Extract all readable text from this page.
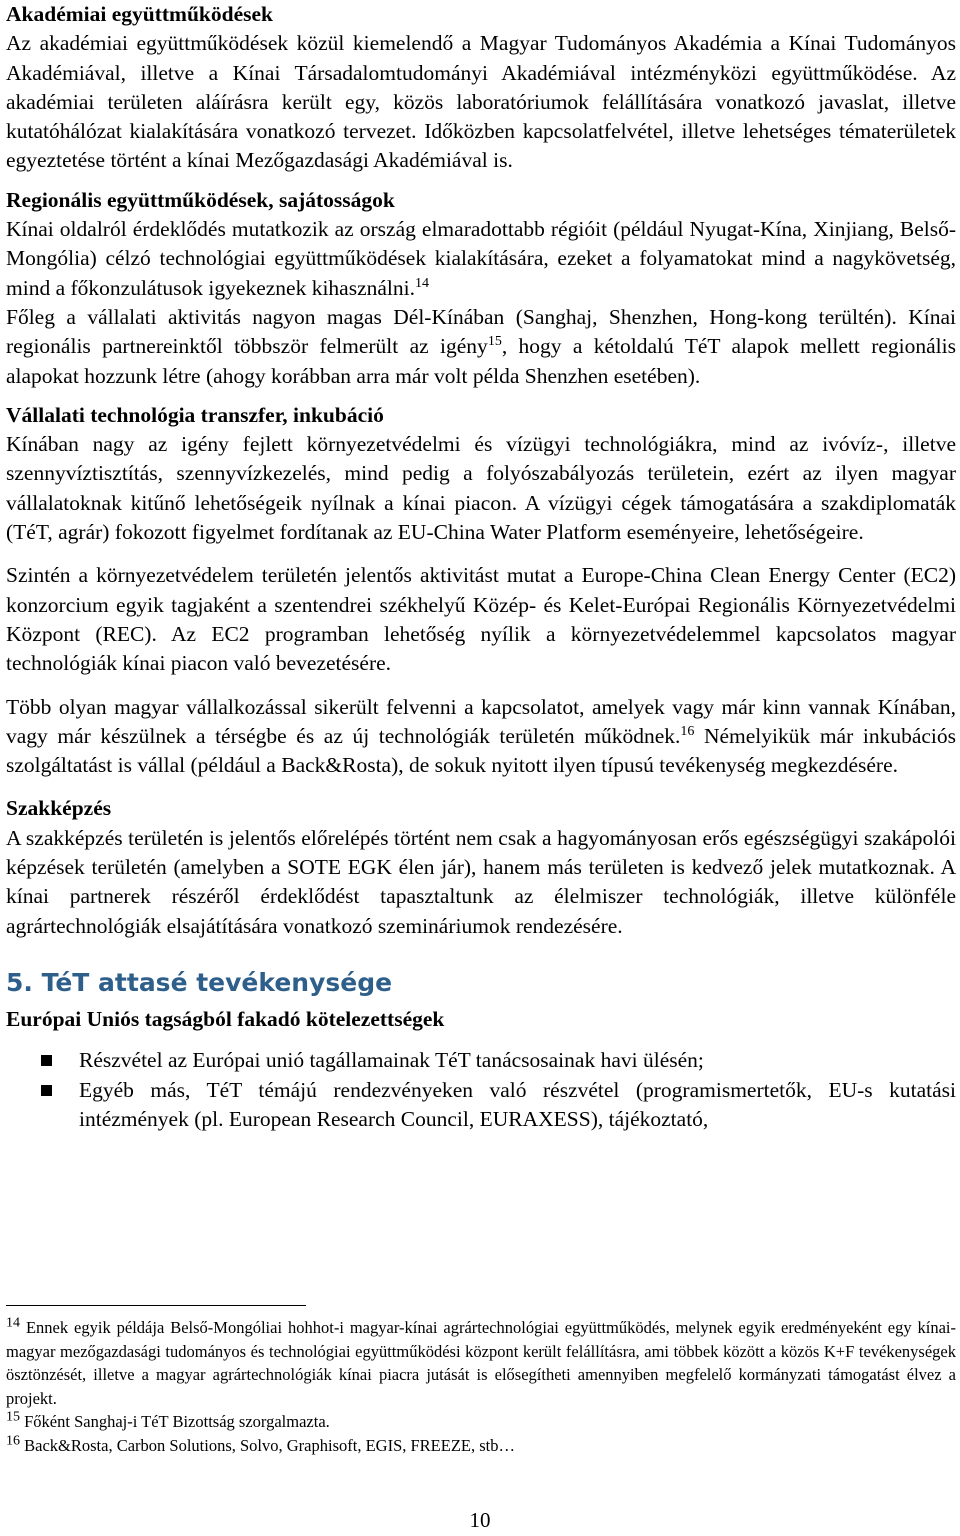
Akadémiai együttműködések

Az akadémiai együttműködések közül kiemelendő a Magyar Tudományos Akadémia a Kínai Tudományos Akadémiával, illetve a Kínai Társadalomtudományi Akadémiával intézményközi együttműködése. Az akadémiai területen aláírásra került egy, közös laboratóriumok felállítására vonatkozó javaslat, illetve kutatóhálózat kialakítására vonatkozó tervezet. Időközben kapcsolatfelvétel, illetve lehetséges tématerületek egyeztetése történt a kínai Mezőgazdasági Akadémiával is.

Regionális együttműködések, sajátosságok

Kínai oldalról érdeklődés mutatkozik az ország elmaradottabb régióit (például Nyugat-Kína, Xinjiang, Belső-Mongólia) célzó technológiai együttműködések kialakítására, ezeket a folyamatokat mind a nagykövetség, mind a főkonzulátusok igyekeznek kihasználni.$^{14}$

Főleg a vállalati aktivitás nagyon magas Dél-Kínában (Sanghaj, Shenzhen, Hong-kong terültén). Kínai regionális partnereinktől többször felmerült az igény$^{15}$, hogy a kétoldalú TéT alapok mellett regionális alapokat hozzunk létre (ahogy korábban arra már volt példa Shenzhen esetében).

Vállalati technológia transzfer, inkubáció

Kínában nagy az igény fejlett környezetvédelmi és vízügyi technológiákra, mind az ivóvíz-, illetve szennyvíztisztítás, szennyvízkezelés, mind pedig a folyószabályozás területein, ezért az ilyen magyar vállalatoknak kitűnő lehetőségeik nyílnak a kínai piacon. A vízügyi cégek támogatására a szakdiplomaták (TéT, agrár) fokozott figyelmet fordítanak az EU-China Water Platform eseményeire, lehetőségeire.

Szintén a környezetvédelem területén jelentős aktivitást mutat a Europe-China Clean Energy Center (EC2) konzorcium egyik tagjaként a szentendrei székhelyű Közép- és Kelet-Európai Regionális Környezetvédelmi Központ (REC). Az EC2 programban lehetőség nyílik a környezetvédelemmel kapcsolatos magyar technológiák kínai piacon való bevezetésére.

Több olyan magyar vállalkozással sikerült felvenni a kapcsolatot, amelyek vagy már kinn vannak Kínában, vagy már készülnek a térségbe és az új technológiák területén működnek.$^{16}$ Némelyikük már inkubációs szolgáltatást is vállal (például a Back&Rosta), de sokuk nyitott ilyen típusú tevékenység megkezdésére.

Szakképzés

A szakképzés területén is jelentős előrelépés történt nem csak a hagyományosan erős egészségügyi szakápolói képzések területén (amelyben a SOTE EGK élen jár), hanem más területen is kedvező jelek mutatkoznak. A kínai partnerek részéről érdeklődést tapasztaltunk az élelmiszer technológiák, illetve különféle agrártechnológiák elsajátítására vonatkozó szemináriumok rendezésére.

5. TéT attasé tevékenysége
Európai Uniós tagságból fakadó kötelezettségek
Részvétel az Európai unió tagállamainak TéT tanácsosainak havi ülésén;
Egyéb más, TéT témájú rendezvényeken való részvétel (programismertetők, EU-s kutatási intézmények (pl. European Research Council, EURAXESS), tájékoztató,

$^{14}$ Ennek egyik példája Belső-Mongóliai hohhot-i magyar-kínai agrártechnológiai együttműködés, melynek egyik eredményeként egy kínai-magyar mezőgazdasági tudományos és technológiai együttműködési központ került felállításra, ami többek között a közös K+F tevékenységek ösztönzését, illetve a magyar agrártechnológiák kínai piacra jutását is elősegítheti amennyiben megfelelő kormányzati támogatást élvez a projekt.

$^{15}$ Főként Sanghaj-i TéT Bizottság szorgalmazta.

$^{16}$ Back&Rosta, Carbon Solutions, Solvo, Graphisoft, EGIS, FREEZE, stb…

10
